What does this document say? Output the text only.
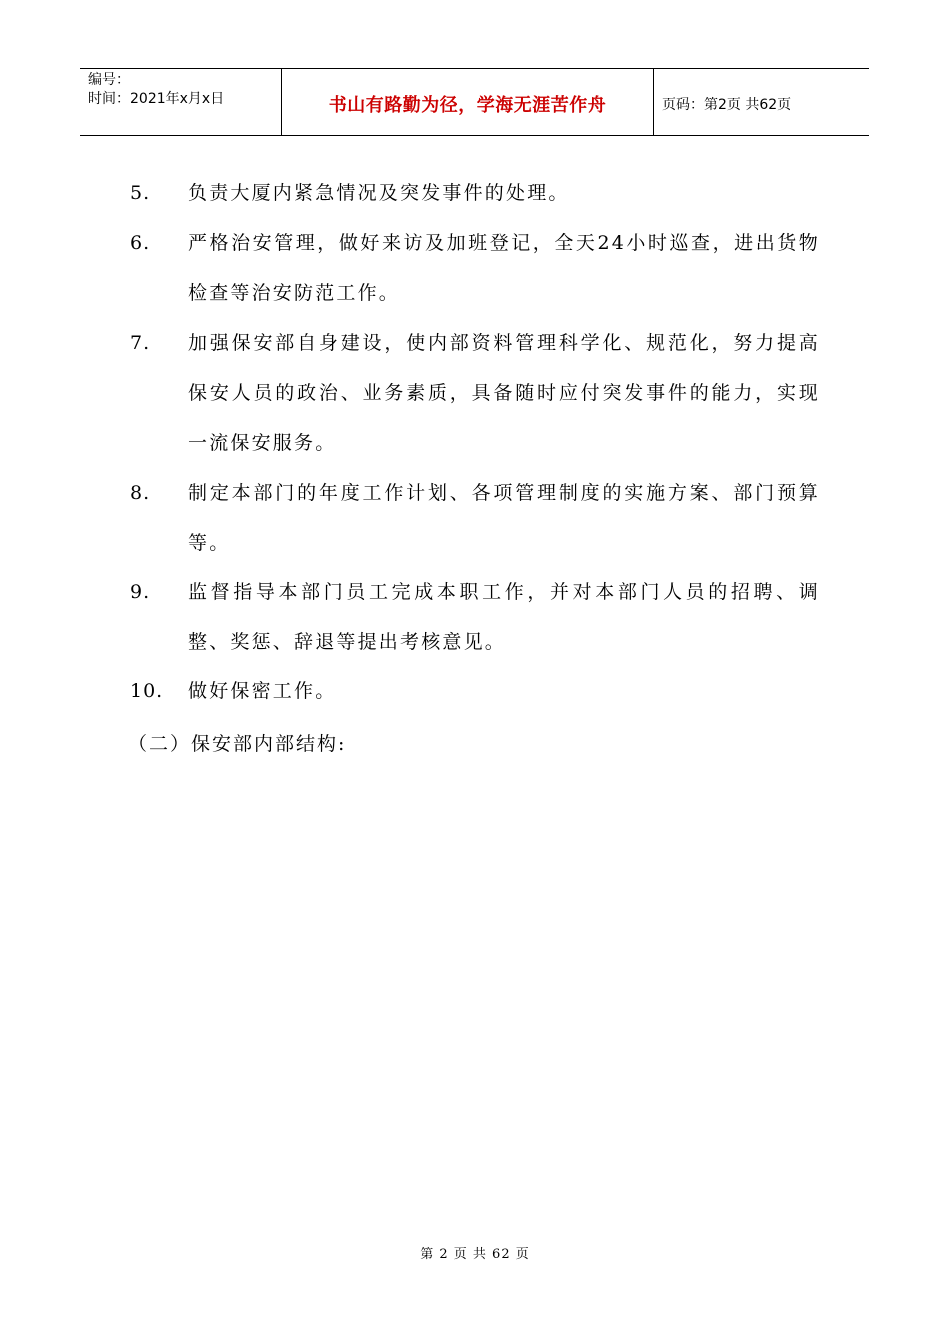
编号：
时间：2021年x月x日	书山有路勤为径，学海无涯苦作舟	页码：第2页 共62页
5.	负责大厦内紧急情况及突发事件的处理。
6.	严格治安管理，做好来访及加班登记，全天24小时巡查，进出货物检查等治安防范工作。
7.	加强保安部自身建设，使内部资料管理科学化、规范化，努力提高保安人员的政治、业务素质，具备随时应付突发事件的能力，实现一流保安服务。
8.	制定本部门的年度工作计划、各项管理制度的实施方案、部门预算等。
9.	监督指导本部门员工完成本职工作，并对本部门人员的招聘、调整、奖惩、辞退等提出考核意见。
10.	做好保密工作。
（二）保安部内部结构:
第 2 页 共 62 页
